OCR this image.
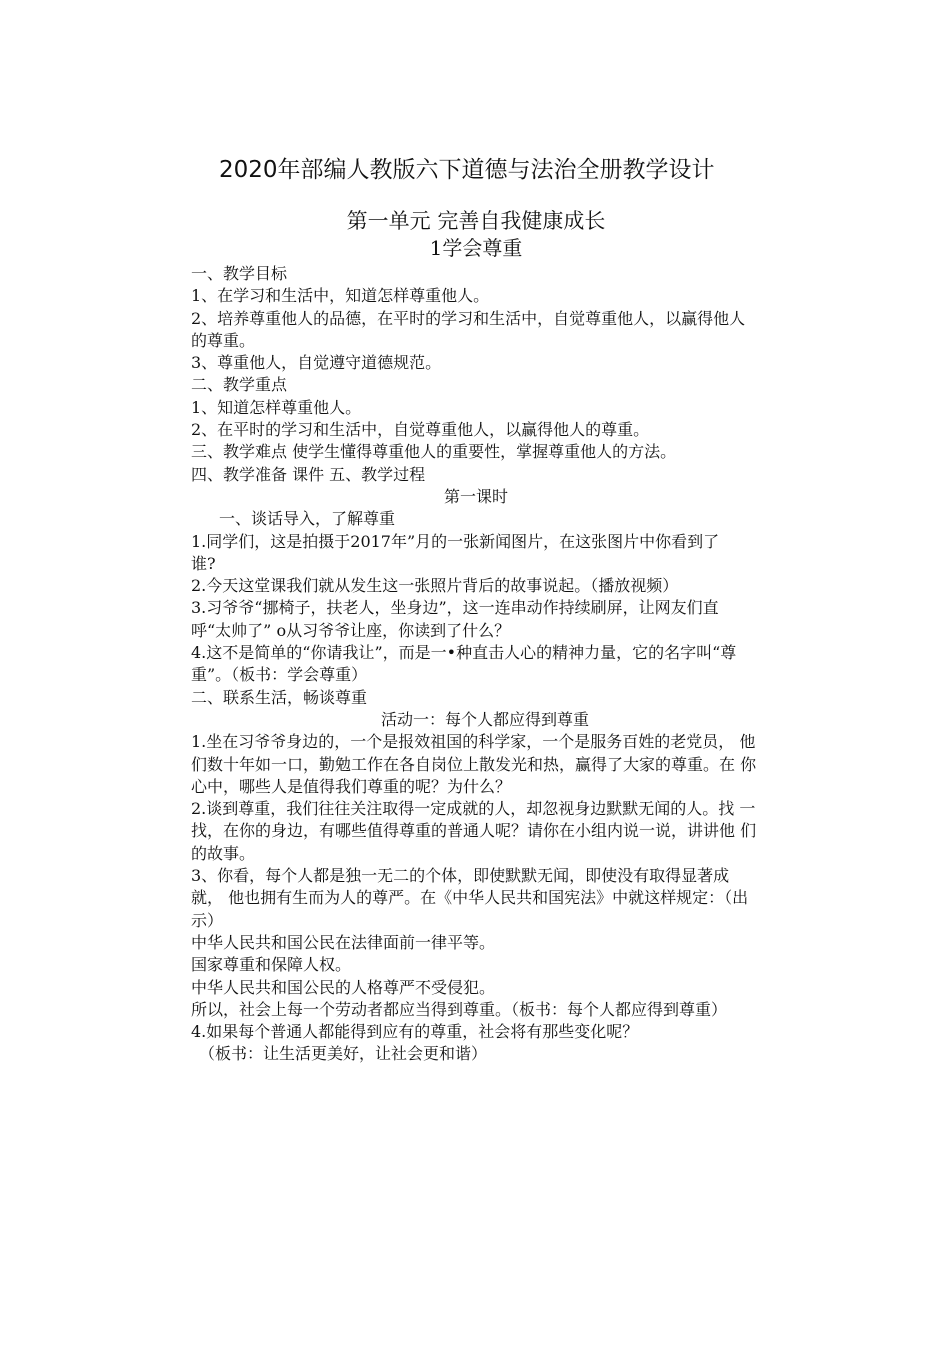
2020年部编人教版六下道德与法治全册教学设计

第一单元 完善自我健康成长
1学会尊重

一、教学目标

1、在学习和生活中，知道怎样尊重他人。

2、培养尊重他人的品德，在平时的学习和生活中，自觉尊重他人，以赢得他人的尊重。

3、尊重他人，自觉遵守道德规范。

二、教学重点

1、知道怎样尊重他人。

2、在平时的学习和生活中，自觉尊重他人，以赢得他人的尊重。

三、教学难点 使学生懂得尊重他人的重要性，掌握尊重他人的方法。

四、教学准备 课件 五、教学过程

第一课时

一、谈话导入，了解尊重

1.同学们，这是拍摄于2017年”月的一张新闻图片，在这张图片中你看到了

谁?

2.今天这堂课我们就从发生这一张照片背后的故事说起。（播放视频）

3.习爷爷“挪椅子，扶老人，坐身边”，这一连串动作持续刷屏，让网友们直 呼“太帅了” o从习爷爷让座，你读到了什么？

4.这不是简单的“你请我让”，而是一•种直击人心的精神力量，它的名字叫“尊 重”。（板书：学会尊重）

二、联系生活，畅谈尊重

活动一：每个人都应得到尊重

1.坐在习爷爷身边的，一个是报效祖国的科学家，一个是服务百姓的老党员， 他们数十年如一口，勤勉工作在各自岗位上散发光和热，赢得了大家的尊重。在 你心中，哪些人是值得我们尊重的呢？为什么？

2.谈到尊重，我们往往关注取得一定成就的人，却忽视身边默默无闻的人。找 一找，在你的身边，有哪些值得尊重的普通人呢？请你在小组内说一说，讲讲他 们的故事。

3、你看，每个人都是独一无二的个体，即使默默无闻，即使没有取得显著成就， 他也拥有生而为人的尊严。在《中华人民共和国宪法》中就这样规定：（出示）

中华人民共和国公民在法律面前一律平等。

国家尊重和保障人权。

中华人民共和国公民的人格尊严不受侵犯。

所以，社会上每一个劳动者都应当得到尊重。（板书：每个人都应得到尊重）

4.如果每个普通人都能得到应有的尊重，社会将有那些变化呢？

（板书：让生活更美好，让社会更和谐）
